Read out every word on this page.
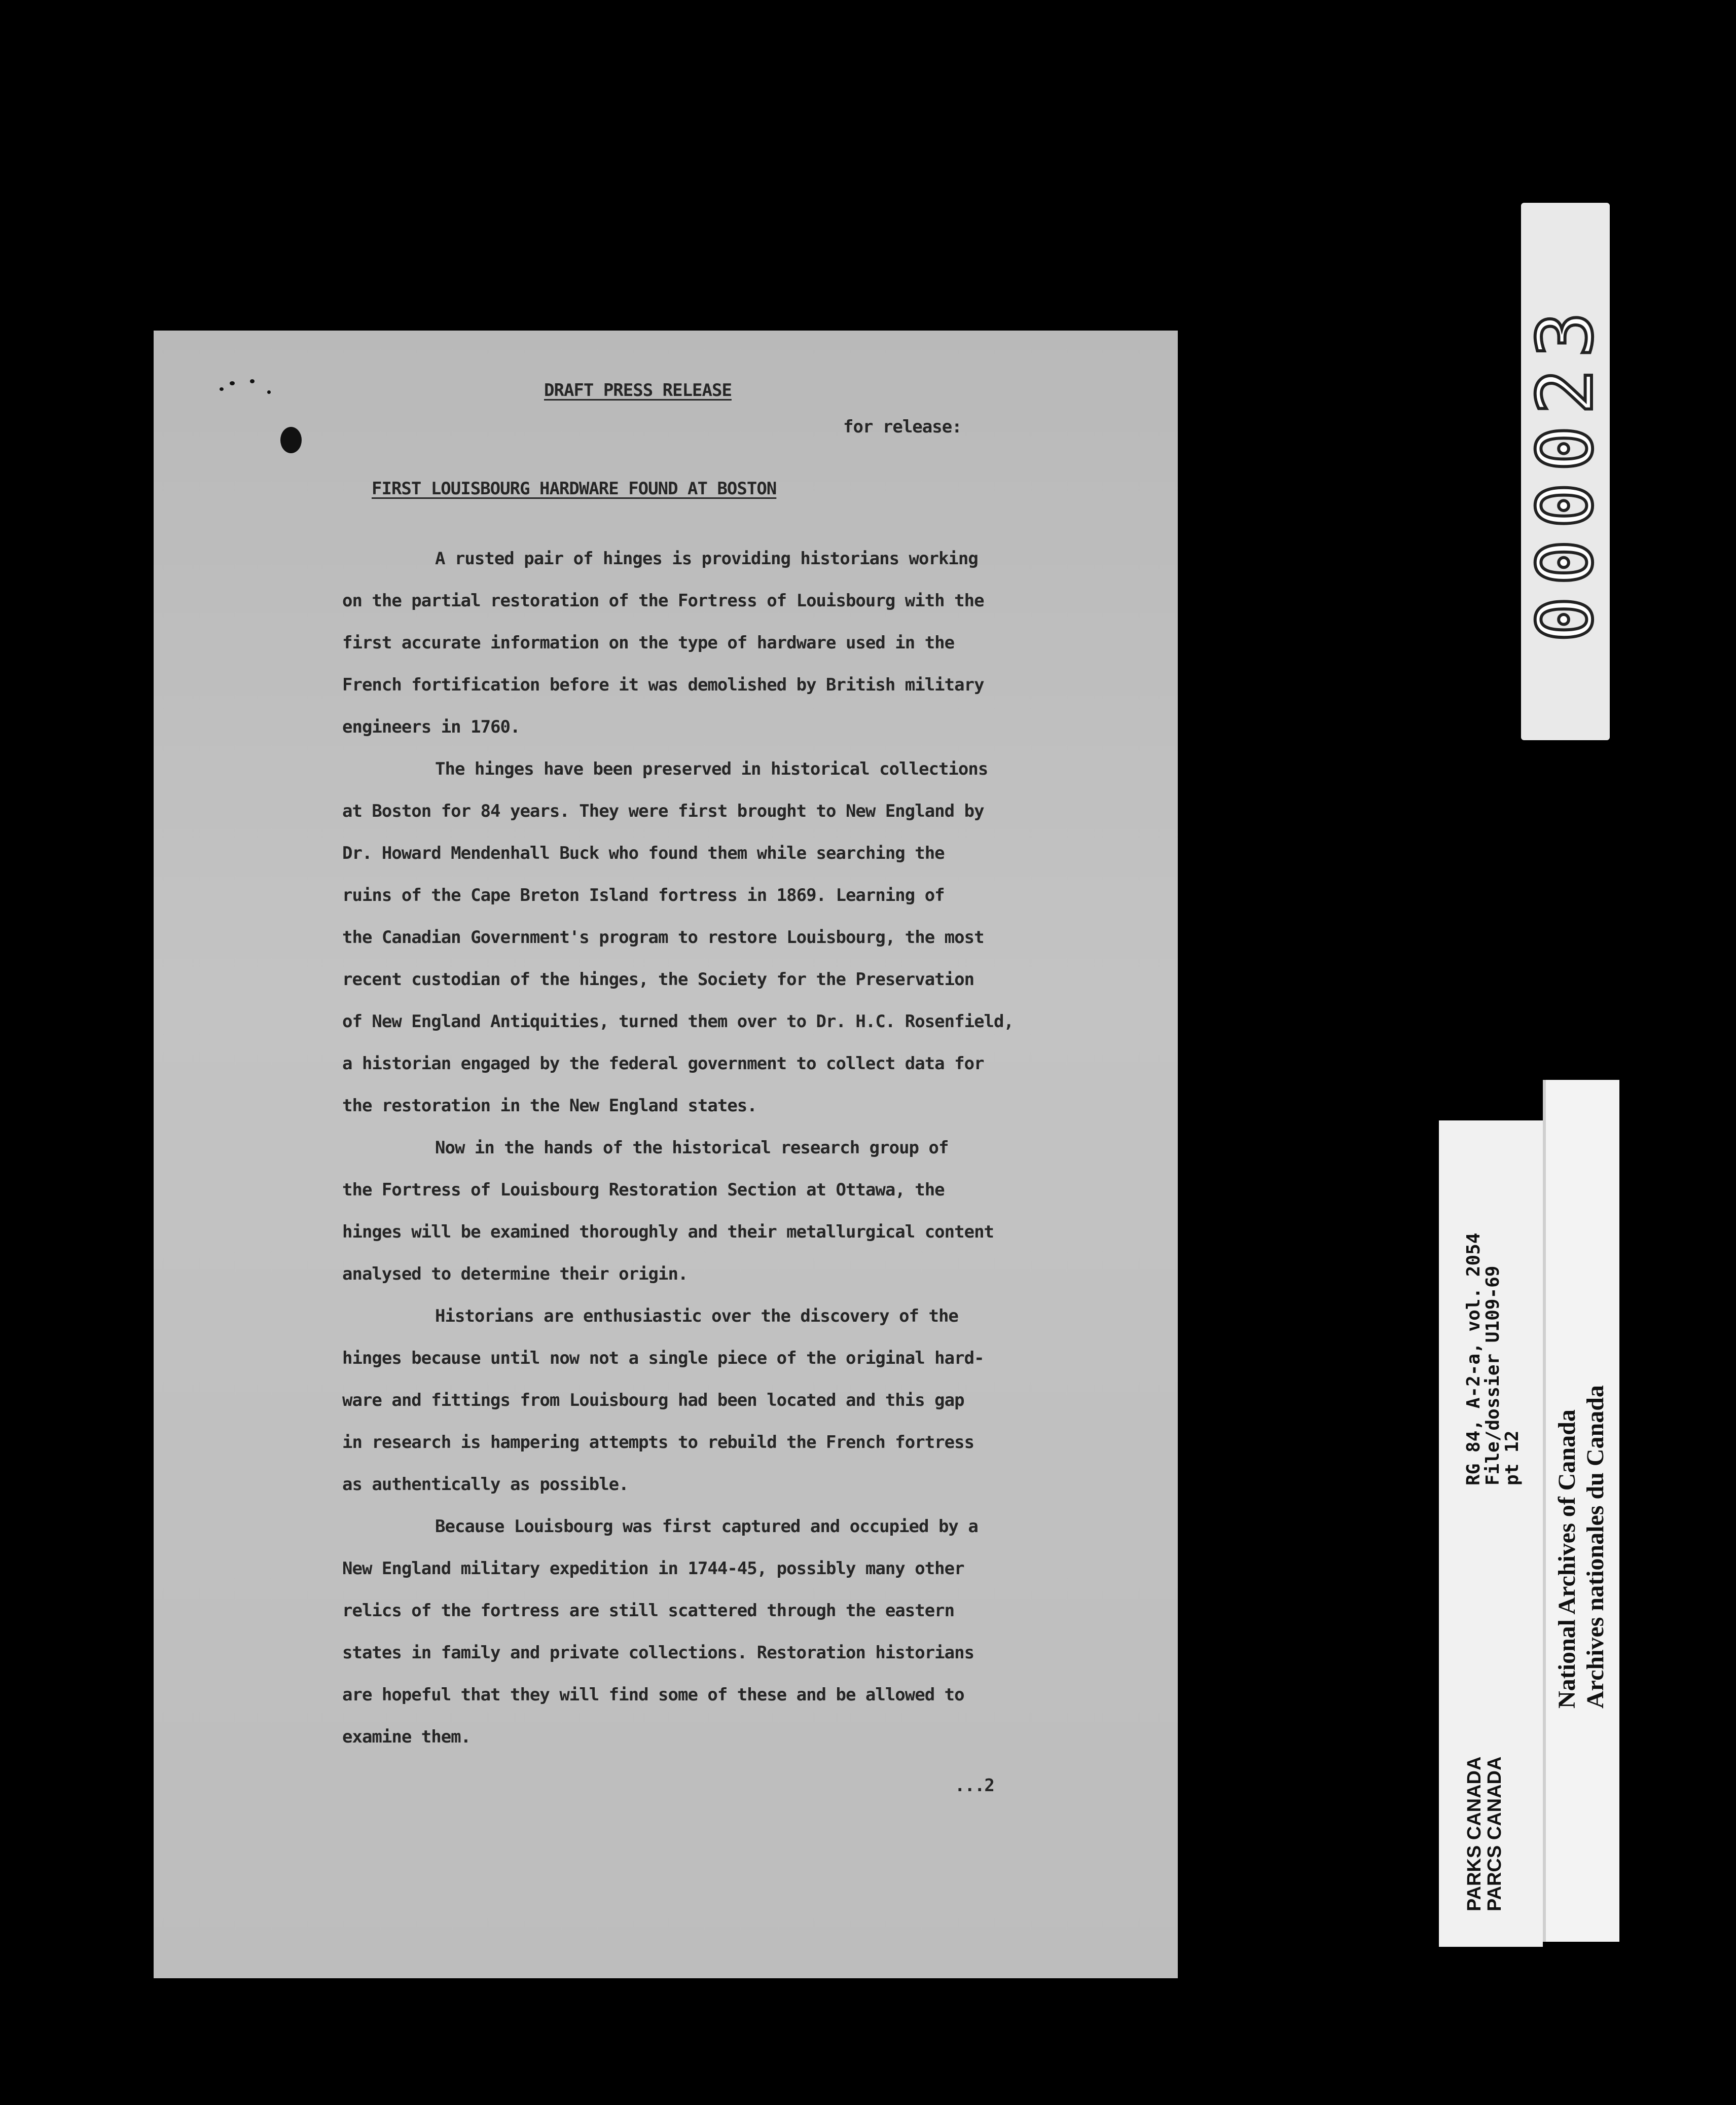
DRAFT PRESS RELEASE
for release:
FIRST LOUISBOURG HARDWARE FOUND AT BOSTON
A rusted pair of hinges is providing historians working
on the partial restoration of the Fortress of Louisbourg with the
first accurate information on the type of hardware used in the
French fortification before it was demolished by British military
engineers in 1760.
The hinges have been preserved in historical collections
at Boston for 84 years. They were first brought to New England by
Dr. Howard Mendenhall Buck who found them while searching the
ruins of the Cape Breton Island fortress in 1869. Learning of
the Canadian Government's program to restore Louisbourg, the most
recent custodian of the hinges, the Society for the Preservation
of New England Antiquities, turned them over to Dr. H.C. Rosenfield,
a historian engaged by the federal government to collect data for
the restoration in the New England states.
Now in the hands of the historical research group of
the Fortress of Louisbourg Restoration Section at Ottawa, the
hinges will be examined thoroughly and their metallurgical content
analysed to determine their origin.
Historians are enthusiastic over the discovery of the
hinges because until now not a single piece of the original hard-
ware and fittings from Louisbourg had been located and this gap
in research is hampering attempts to rebuild the French fortress
as authentically as possible.
Because Louisbourg was first captured and occupied by a
New England military expedition in 1744-45, possibly many other
relics of the fortress are still scattered through the eastern
states in family and private collections. Restoration historians
are hopeful that they will find some of these and be allowed to
examine them.
...2
000023
RG 84, A-2-a, vol. 2054
File/dossier U109-69
pt 12
PARKS CANADA
PARCS CANADA
National Archives of Canada Archives nationales du Canada
